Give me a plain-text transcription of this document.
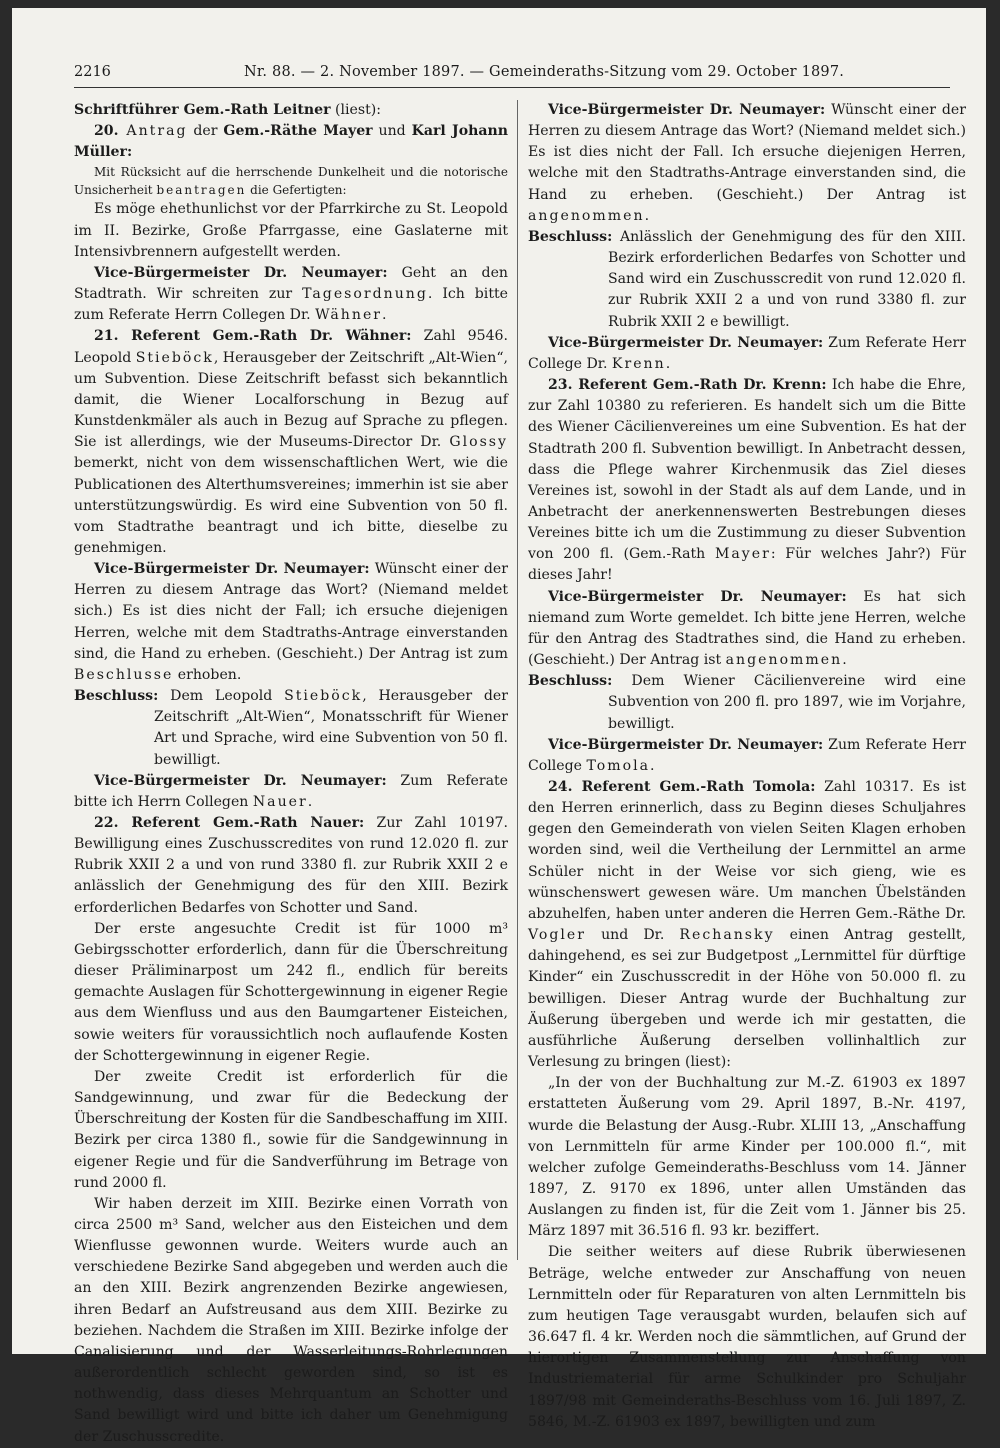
2216	Nr. 88. — 2. November 1897. — Gemeinderaths-Sitzung vom 29. October 1897.

Schriftführer Gem.-Rath Leitner (liest):

20. Antrag der Gem.-Räthe Mayer und Karl Johann Müller:

Mit Rücksicht auf die herrschende Dunkelheit und die notorische Unsicherheit beantragen die Gefertigten:

Es möge ehethunlichst vor der Pfarrkirche zu St. Leopold im II. Bezirke, Große Pfarrgasse, eine Gaslaterne mit Intensivbrennern aufgestellt werden.

Vice-Bürgermeister Dr. Neumayer: Geht an den Stadtrath. Wir schreiten zur Tagesordnung. Ich bitte zum Referate Herrn Collegen Dr. Wähner.

21. Referent Gem.-Rath Dr. Wähner: Zahl 9546. Leopold Stieböck, Herausgeber der Zeitschrift „Alt-Wien“, um Subvention. Diese Zeitschrift befasst sich bekanntlich damit, die Wiener Localforschung in Bezug auf Kunstdenkmäler als auch in Bezug auf Sprache zu pflegen. Sie ist allerdings, wie der Museums-Director Dr. Glossy bemerkt, nicht von dem wissenschaftlichen Wert, wie die Publicationen des Alterthumsvereines; immerhin ist sie aber unterstützungswürdig. Es wird eine Subvention von 50 fl. vom Stadtrathe beantragt und ich bitte, dieselbe zu genehmigen.

Vice-Bürgermeister Dr. Neumayer: Wünscht einer der Herren zu diesem Antrage das Wort? (Niemand meldet sich.) Es ist dies nicht der Fall; ich ersuche diejenigen Herren, welche mit dem Stadtraths-Antrage einverstanden sind, die Hand zu erheben. (Geschieht.) Der Antrag ist zum Beschlusse erhoben.

Beschluss: Dem Leopold Stieböck, Herausgeber der Zeitschrift „Alt-Wien“, Monatsschrift für Wiener Art und Sprache, wird eine Subvention von 50 fl. bewilligt.

Vice-Bürgermeister Dr. Neumayer: Zum Referate bitte ich Herrn Collegen Nauer.

22. Referent Gem.-Rath Nauer: Zur Zahl 10197. Bewilligung eines Zuschusscredites von rund 12.020 fl. zur Rubrik XXII 2 a und von rund 3380 fl. zur Rubrik XXII 2 e anlässlich der Genehmigung des für den XIII. Bezirk erforderlichen Bedarfes von Schotter und Sand.

Der erste angesuchte Credit ist für 1000 m³ Gebirgsschotter erforderlich, dann für die Überschreitung dieser Präliminarpost um 242 fl., endlich für bereits gemachte Auslagen für Schottergewinnung in eigener Regie aus dem Wienfluss und aus den Baumgartener Eisteichen, sowie weiters für voraussichtlich noch auflaufende Kosten der Schottergewinnung in eigener Regie.

Der zweite Credit ist erforderlich für die Sandgewinnung, und zwar für die Bedeckung der Überschreitung der Kosten für die Sandbeschaffung im XIII. Bezirk per circa 1380 fl., sowie für die Sandgewinnung in eigener Regie und für die Sandverführung im Betrage von rund 2000 fl.

Wir haben derzeit im XIII. Bezirke einen Vorrath von circa 2500 m³ Sand, welcher aus den Eisteichen und dem Wienflusse gewonnen wurde. Weiters wurde auch an verschiedene Bezirke Sand abgegeben und werden auch die an den XIII. Bezirk angrenzenden Bezirke angewiesen, ihren Bedarf an Aufstreusand aus dem XIII. Bezirke zu beziehen. Nachdem die Straßen im XIII. Bezirke infolge der Canalisierung und der Wasserleitungs-Rohrlegungen außerordentlich schlecht geworden sind, so ist es nothwendig, dass dieses Mehrquantum an Schotter und Sand bewilligt wird und bitte ich daher um Genehmigung der Zuschusscredite.

Vice-Bürgermeister Dr. Neumayer: Wünscht einer der Herren zu diesem Antrage das Wort? (Niemand meldet sich.) Es ist dies nicht der Fall. Ich ersuche diejenigen Herren, welche mit den Stadtraths-Antrage einverstanden sind, die Hand zu erheben. (Geschieht.) Der Antrag ist angenommen.

Beschluss: Anlässlich der Genehmigung des für den XIII. Bezirk erforderlichen Bedarfes von Schotter und Sand wird ein Zuschusscredit von rund 12.020 fl. zur Rubrik XXII 2 a und von rund 3380 fl. zur Rubrik XXII 2 e bewilligt.

Vice-Bürgermeister Dr. Neumayer: Zum Referate Herr College Dr. Krenn.

23. Referent Gem.-Rath Dr. Krenn: Ich habe die Ehre, zur Zahl 10380 zu referieren. Es handelt sich um die Bitte des Wiener Cäcilienvereines um eine Subvention. Es hat der Stadtrath 200 fl. Subvention bewilligt. In Anbetracht dessen, dass die Pflege wahrer Kirchenmusik das Ziel dieses Vereines ist, sowohl in der Stadt als auf dem Lande, und in Anbetracht der anerkennenswerten Bestrebungen dieses Vereines bitte ich um die Zustimmung zu dieser Subvention von 200 fl. (Gem.-Rath Mayer: Für welches Jahr?) Für dieses Jahr!

Vice-Bürgermeister Dr. Neumayer: Es hat sich niemand zum Worte gemeldet. Ich bitte jene Herren, welche für den Antrag des Stadtrathes sind, die Hand zu erheben. (Geschieht.) Der Antrag ist angenommen.

Beschluss: Dem Wiener Cäcilienvereine wird eine Subvention von 200 fl. pro 1897, wie im Vorjahre, bewilligt.

Vice-Bürgermeister Dr. Neumayer: Zum Referate Herr College Tomola.

24. Referent Gem.-Rath Tomola: Zahl 10317. Es ist den Herren erinnerlich, dass zu Beginn dieses Schuljahres gegen den Gemeinderath von vielen Seiten Klagen erhoben worden sind, weil die Vertheilung der Lernmittel an arme Schüler nicht in der Weise vor sich gieng, wie es wünschenswert gewesen wäre. Um manchen Übelständen abzuhelfen, haben unter anderen die Herren Gem.-Räthe Dr. Vogler und Dr. Rechansky einen Antrag gestellt, dahingehend, es sei zur Budgetpost „Lernmittel für dürftige Kinder“ ein Zuschusscredit in der Höhe von 50.000 fl. zu bewilligen. Dieser Antrag wurde der Buchhaltung zur Äußerung übergeben und werde ich mir gestatten, die ausführliche Äußerung derselben vollinhaltlich zur Verlesung zu bringen (liest):

„In der von der Buchhaltung zur M.-Z. 61903 ex 1897 erstatteten Äußerung vom 29. April 1897, B.-Nr. 4197, wurde die Belastung der Ausg.-Rubr. XLIII 13, „Anschaffung von Lernmitteln für arme Kinder per 100.000 fl.“, mit welcher zufolge Gemeinderaths-Beschluss vom 14. Jänner 1897, Z. 9170 ex 1896, unter allen Umständen das Auslangen zu finden ist, für die Zeit vom 1. Jänner bis 25. März 1897 mit 36.516 fl. 93 kr. beziffert.

Die seither weiters auf diese Rubrik überwiesenen Beträge, welche entweder zur Anschaffung von neuen Lernmitteln oder für Reparaturen von alten Lernmitteln bis zum heutigen Tage verausgabt wurden, belaufen sich auf 36.647 fl. 4 kr. Werden noch die sämmtlichen, auf Grund der hierortigen Zusammenstellung zur Anschaffung von Industriematerial für arme Schulkinder pro Schuljahr 1897/98 mit Gemeinderaths-Beschluss vom 16. Juli 1897, Z. 5846, M.-Z. 61903 ex 1897, bewilligten und zum
